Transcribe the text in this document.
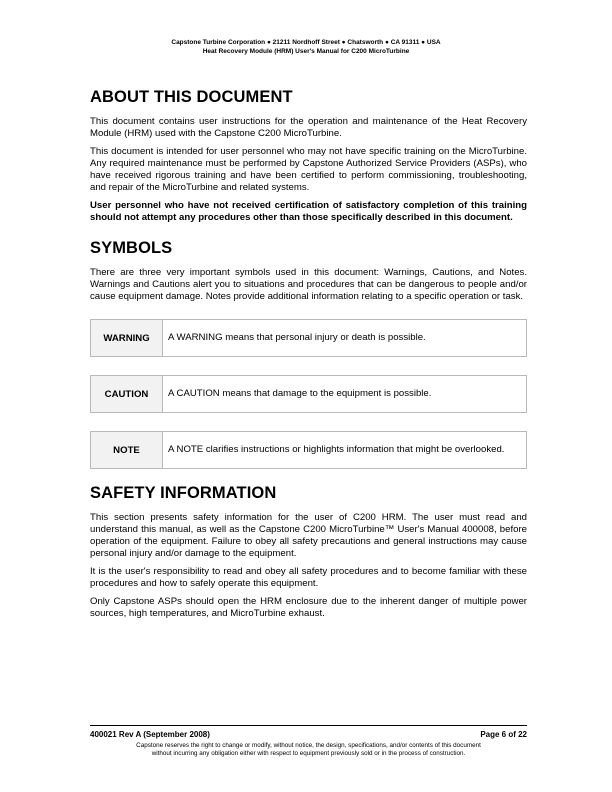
Capstone Turbine Corporation ● 21211 Nordhoff Street ● Chatsworth ● CA 91311 ● USA
Heat Recovery Module (HRM) User's Manual for C200 MicroTurbine
ABOUT THIS DOCUMENT

This document contains user instructions for the operation and maintenance of the Heat Recovery Module (HRM) used with the Capstone C200 MicroTurbine.

This document is intended for user personnel who may not have specific training on the MicroTurbine. Any required maintenance must be performed by Capstone Authorized Service Providers (ASPs), who have received rigorous training and have been certified to perform commissioning, troubleshooting, and repair of the MicroTurbine and related systems.

User personnel who have not received certification of satisfactory completion of this training should not attempt any procedures other than those specifically described in this document.

SYMBOLS

There are three very important symbols used in this document: Warnings, Cautions, and Notes. Warnings and Cautions alert you to situations and procedures that can be dangerous to people and/or cause equipment damage. Notes provide additional information relating to a specific operation or task.

WARNING	A WARNING means that personal injury or death is possible.
CAUTION	A CAUTION means that damage to the equipment is possible.
NOTE	A NOTE clarifies instructions or highlights information that might be overlooked.
SAFETY INFORMATION

This section presents safety information for the user of C200 HRM. The user must read and understand this manual, as well as the Capstone C200 MicroTurbine™ User's Manual 400008, before operation of the equipment. Failure to obey all safety precautions and general instructions may cause personal injury and/or damage to the equipment.

It is the user's responsibility to read and obey all safety procedures and to become familiar with these procedures and how to safely operate this equipment.

Only Capstone ASPs should open the HRM enclosure due to the inherent danger of multiple power sources, high temperatures, and MicroTurbine exhaust.

400021 Rev A (September 2008)	Page 6 of 22
Capstone reserves the right to change or modify, without notice, the design, specifications, and/or contents of this document
without incurring any obligation either with respect to equipment previously sold or in the process of construction.
